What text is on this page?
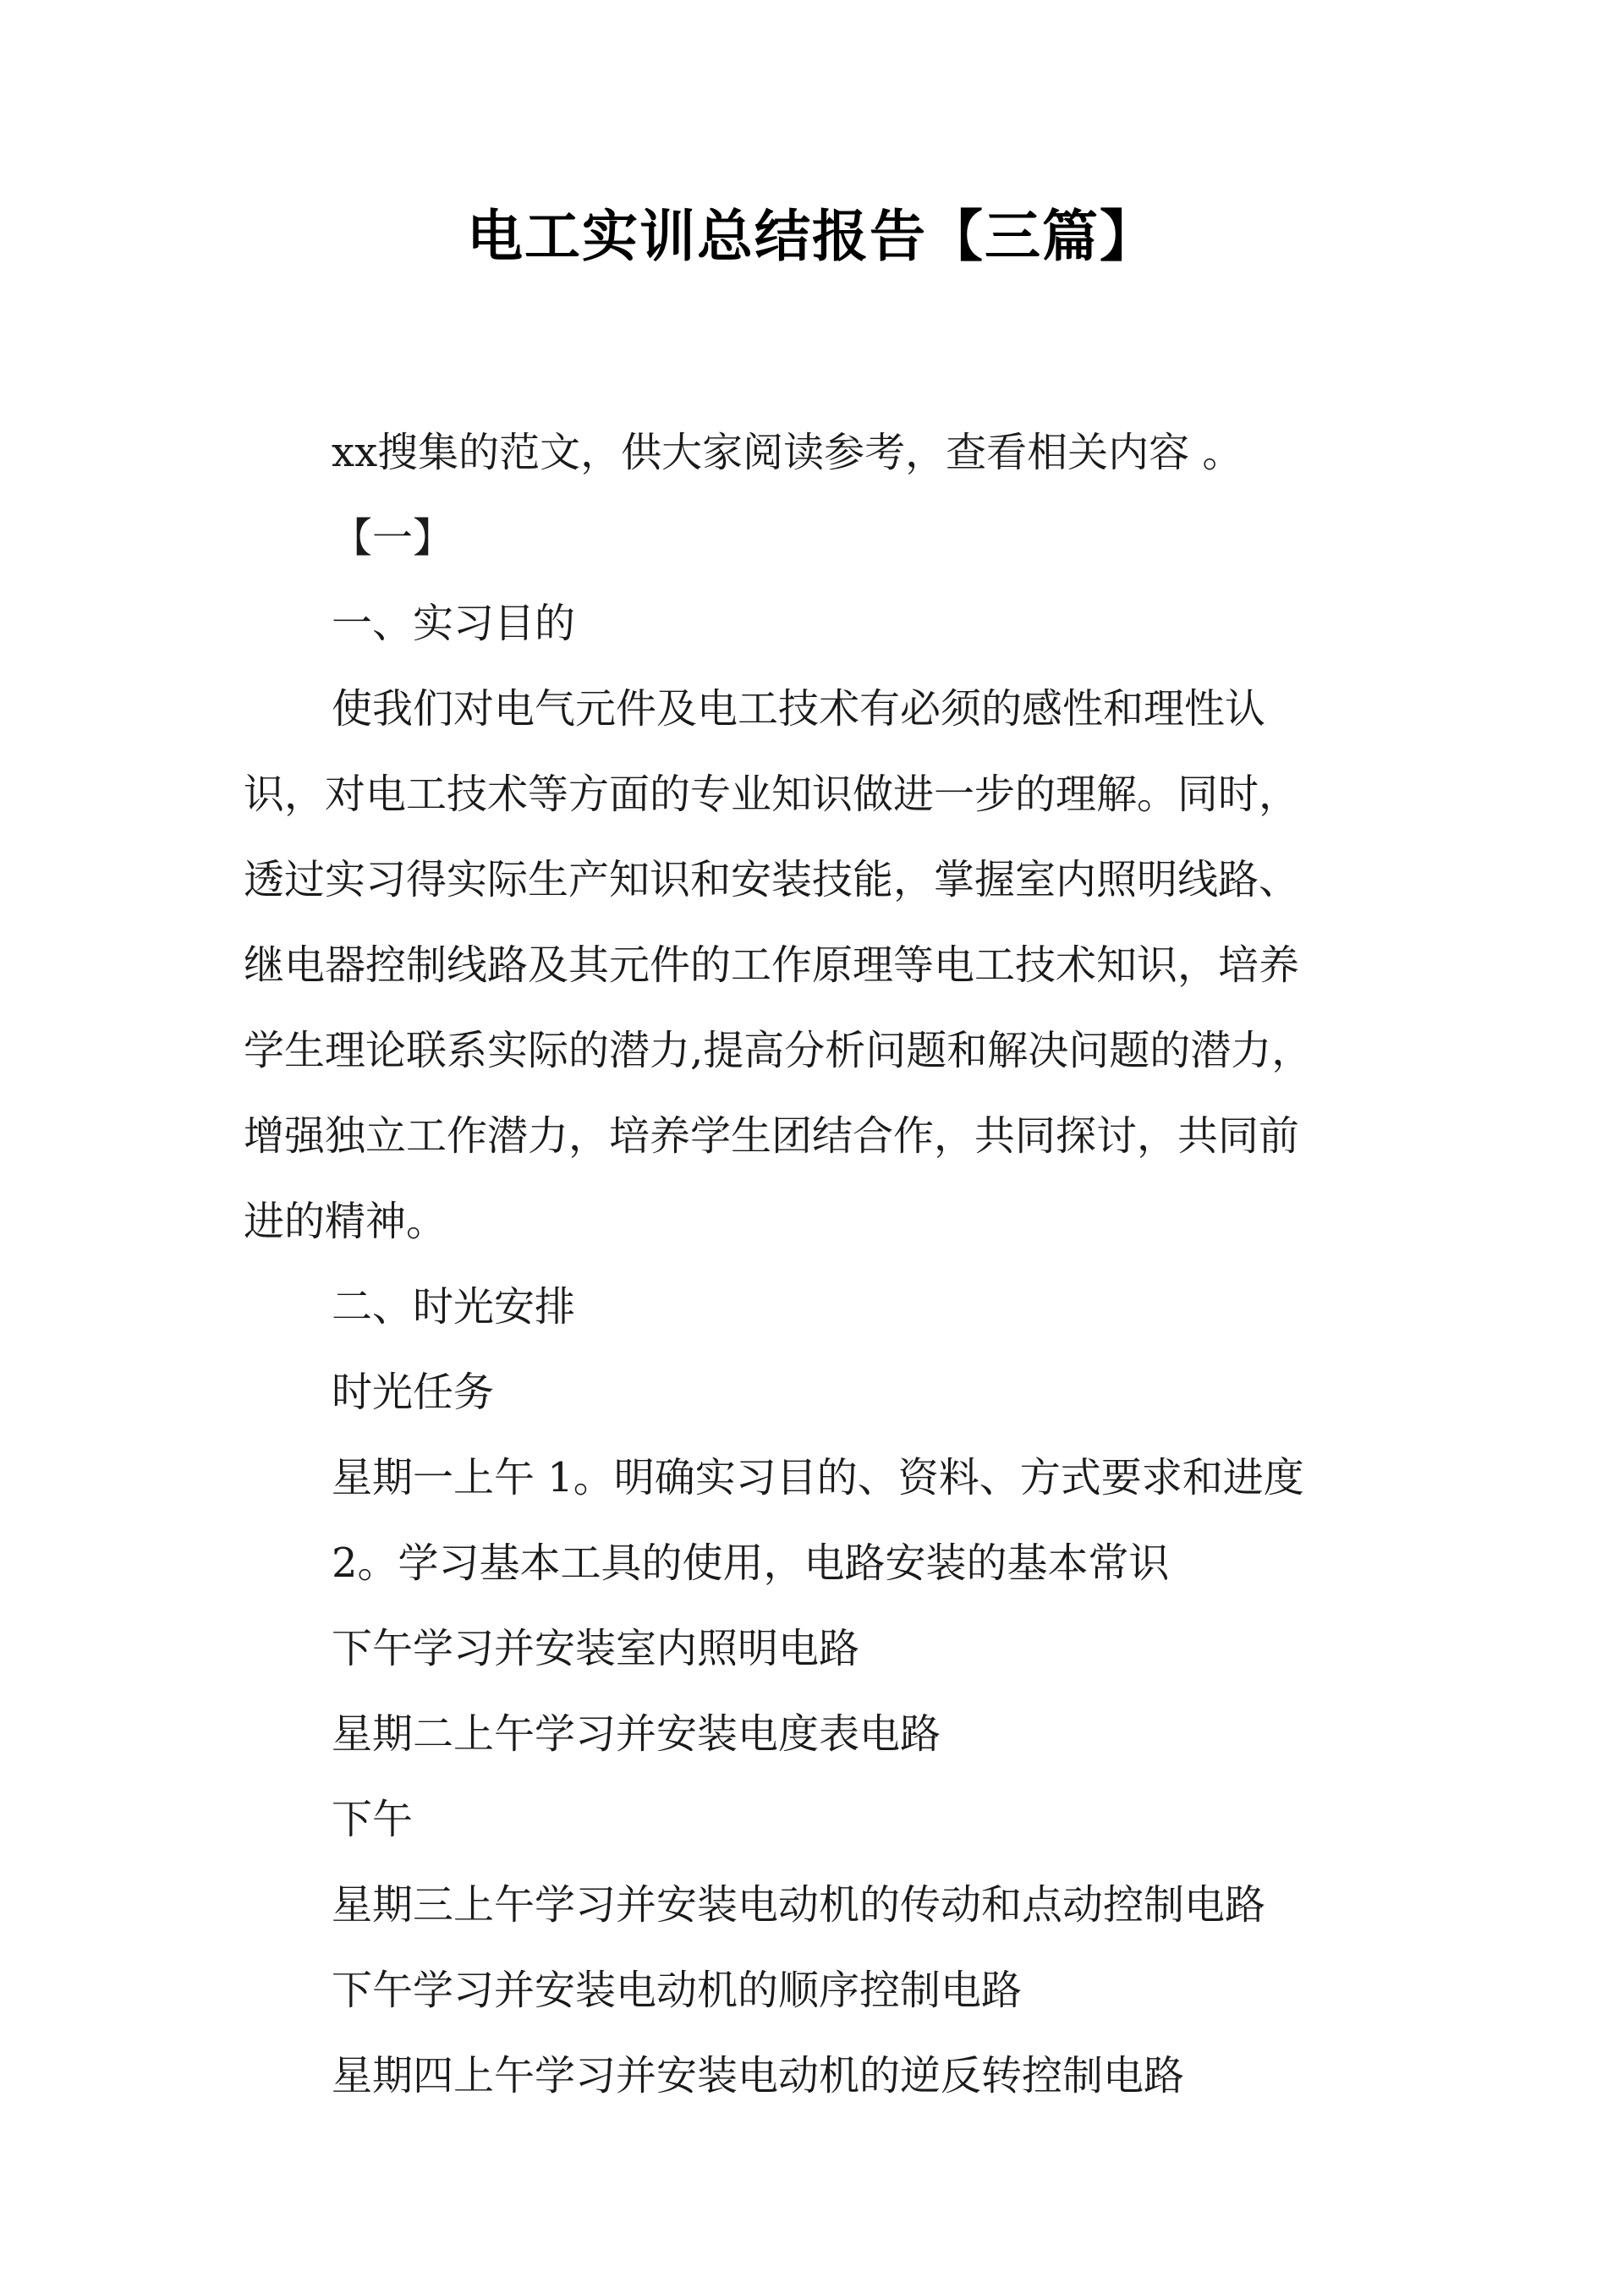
电工实训总结报告【三篇】
xx搜集的范文，供大家阅读参考，查看相关内容 。
【一】
一、实习目的
使我们对电气元件及电工技术有必须的感性和理性认
识，对电工技术等方面的专业知识做进一步的理解。同时，
透过实习得实际生产知识和安装技能，掌握室内照明线路、
继电器控制线路及其元件的工作原理等电工技术知识，培养
学生理论联系实际的潜力,提高分析问题和解决问题的潜力，
增强独立工作潜力，培养学生团结合作，共同探讨，共同前
进的精神。
二、时光安排
时光任务
星期一上午 1。明确实习目的、资料、方式要求和进度
2。学习基本工具的使用，电路安装的基本常识
下午学习并安装室内照明电路
星期二上午学习并安装电度表电路
下午
星期三上午学习并安装电动机的传动和点动控制电路
下午学习并安装电动机的顺序控制电路
星期四上午学习并安装电动机的逆反转控制电路
